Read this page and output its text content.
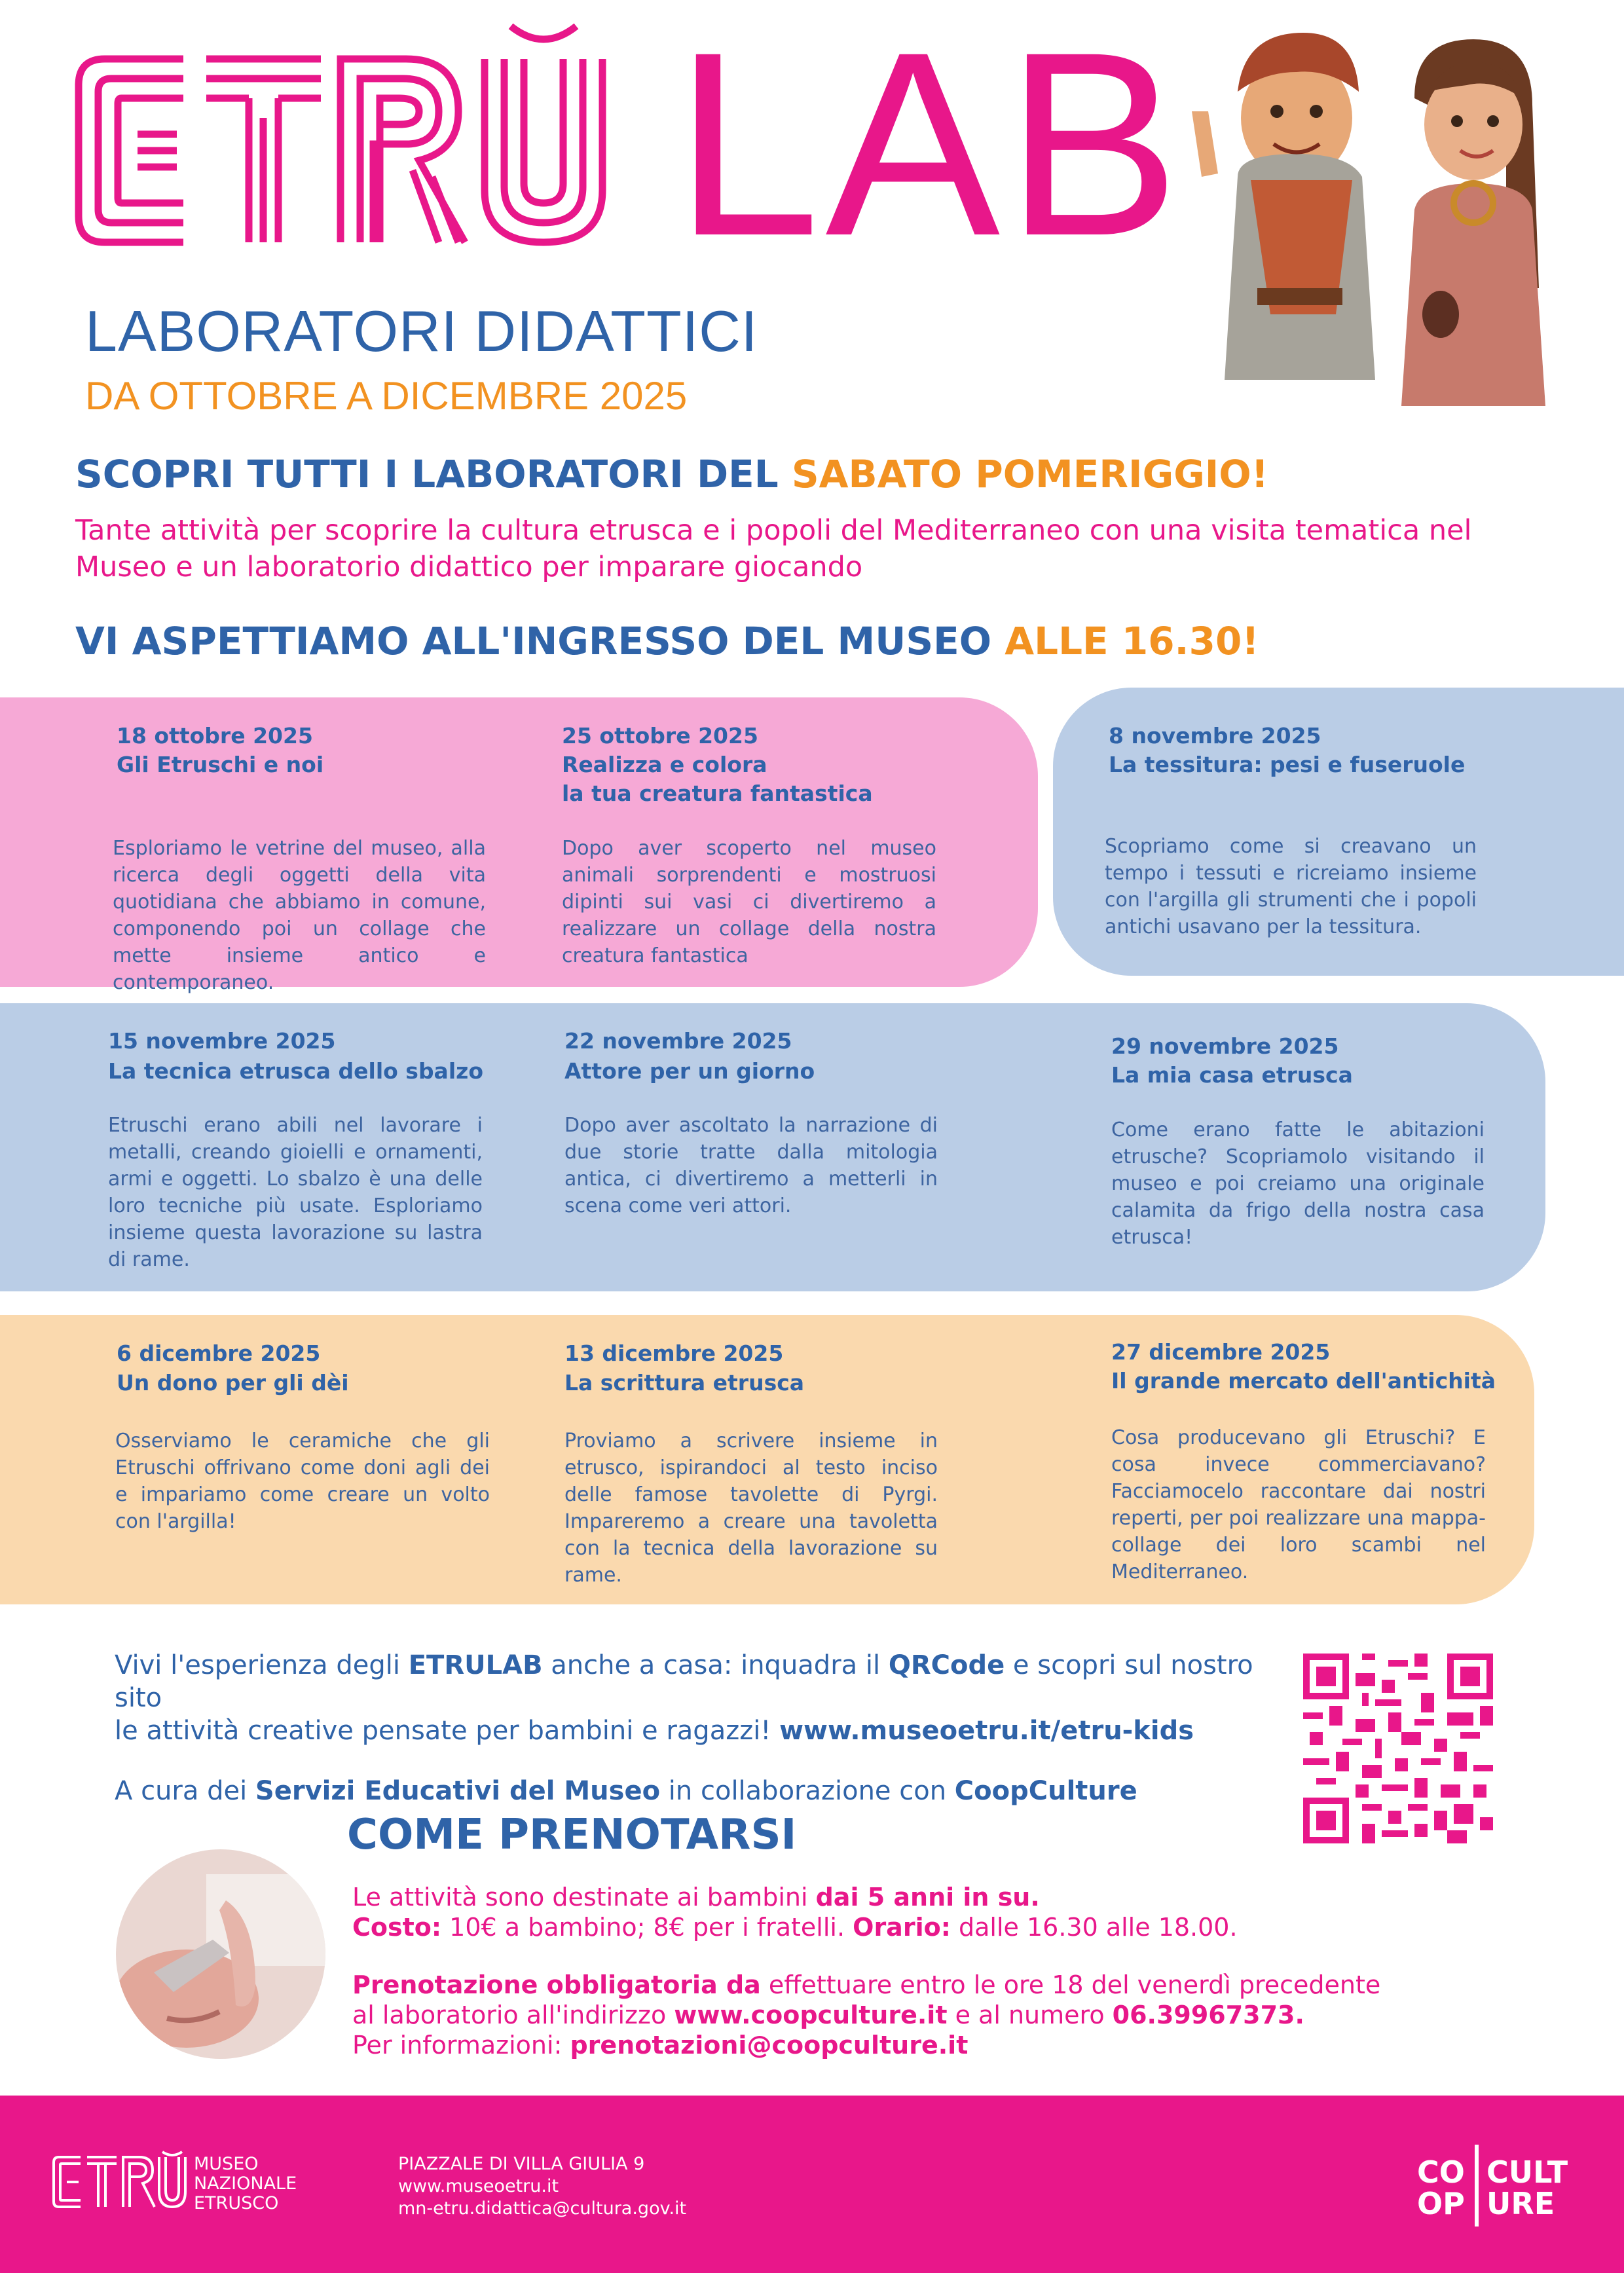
LAB
LABORATORI DIDATTICI
DA OTTOBRE A DICEMBRE 2025
SCOPRI TUTTI I LABORATORI DEL SABATO POMERIGGIO!
Tante attività per scoprire la cultura etrusca e i popoli del Mediterraneo con una visita tematica nel Museo e un laboratorio didattico per imparare giocando
VI ASPETTIAMO ALL'INGRESSO DEL MUSEO ALLE 16.30!
18 ottobre 2025
Gli Etruschi e noi
Esploriamo le vetrine del museo, alla ricerca degli oggetti della vita quotidiana che abbiamo in comune, componendo poi un collage che mette insieme antico e contemporaneo.
25 ottobre 2025
Realizza e colora
la tua creatura fantastica
Dopo aver scoperto nel museo animali sorprendenti e mostruosi dipinti sui vasi ci divertiremo a realizzare un collage della nostra creatura fantastica
8 novembre 2025
La tessitura: pesi e fuseruole
Scopriamo come si creavano un tempo i tessuti e ricreiamo insieme con l'argilla gli strumenti che i popoli antichi usavano per la tessitura.
15 novembre 2025
La tecnica etrusca dello sbalzo
Etruschi erano abili nel lavorare i metalli, creando gioielli e ornamenti, armi e oggetti. Lo sbalzo è una delle loro tecniche più usate. Esploriamo insieme questa lavorazione su lastra di rame.
22 novembre 2025
Attore per un giorno
Dopo aver ascoltato la narrazione di due storie tratte dalla mitologia antica, ci divertiremo a metterli in scena come veri attori.
29 novembre 2025
La mia casa etrusca
Come erano fatte le abitazioni etrusche? Scopriamolo visitando il museo e poi creiamo una originale calamita da frigo della nostra casa etrusca!
6 dicembre 2025
Un dono per gli dèi
Osserviamo le ceramiche che gli Etruschi offrivano come doni agli dei e impariamo come creare un volto con l'argilla!
13 dicembre 2025
La scrittura etrusca
Proviamo a scrivere insieme in etrusco, ispirandoci al testo inciso delle famose tavolette di Pyrgi. Impareremo a creare una tavoletta con la tecnica della lavorazione su rame.
27 dicembre 2025
Il grande mercato dell'antichità
Cosa producevano gli Etruschi? E cosa invece commerciavano? Facciamocelo raccontare dai nostri reperti, per poi realizzare una mappa-collage dei loro scambi nel Mediterraneo.
Vivi l'esperienza degli ETRULAB anche a casa: inquadra il QRCode e scopri sul nostro sito
le attività creative pensate per bambini e ragazzi! www.museoetru.it/etru-kids
A cura dei Servizi Educativi del Museo in collaborazione con CoopCulture
COME PRENOTARSI
Le attività sono destinate ai bambini dai 5 anni in su.
Costo: 10€ a bambino; 8€ per i fratelli. Orario: dalle 16.30 alle 18.00.
Prenotazione obbligatoria da effettuare entro le ore 18 del venerdì precedente
al laboratorio all'indirizzo www.coopculture.it e al numero 06.39967373.
Per informazioni: prenotazioni@coopculture.it
MUSEO
NAZIONALE
ETRUSCO
PIAZZALE DI VILLA GIULIA 9
www.museoetru.it
mn-etru.didattica@cultura.gov.it
CO
OP
CULT
URE
